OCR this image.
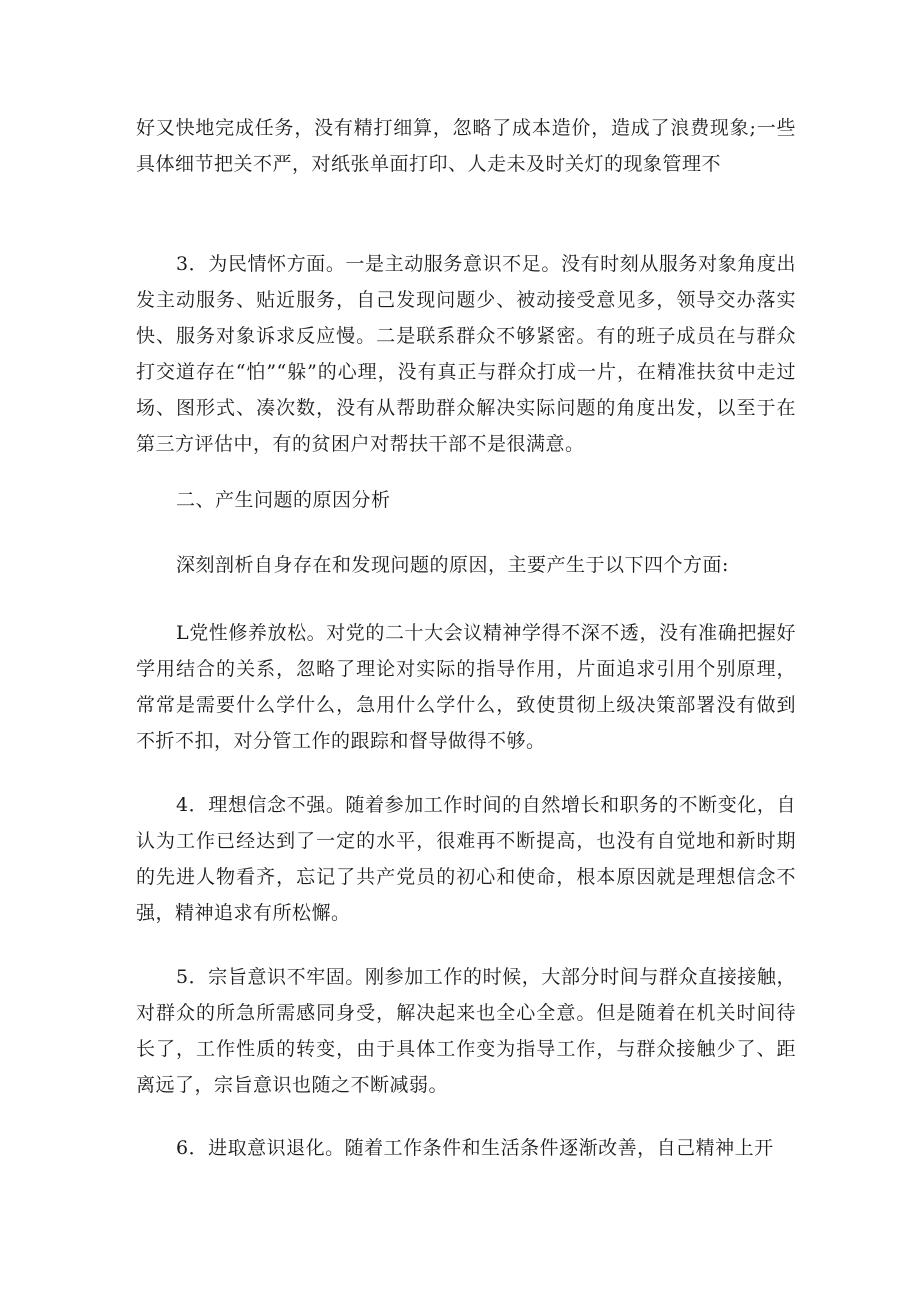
好又快地完成任务，没有精打细算，忽略了成本造价，造成了浪费现象;一些具体细节把关不严，对纸张单面打印、人走未及时关灯的现象管理不

3．为民情怀方面。一是主动服务意识不足。没有时刻从服务对象角度出发主动服务、贴近服务，自己发现问题少、被动接受意见多，领导交办落实快、服务对象诉求反应慢。二是联系群众不够紧密。有的班子成员在与群众打交道存在“怕”“躲”的心理，没有真正与群众打成一片，在精准扶贫中走过场、图形式、凑次数，没有从帮助群众解决实际问题的角度出发，以至于在第三方评估中，有的贫困户对帮扶干部不是很满意。

二、产生问题的原因分析

深刻剖析自身存在和发现问题的原因，主要产生于以下四个方面:

L党性修养放松。对党的二十大会议精神学得不深不透，没有准确把握好学用结合的关系，忽略了理论对实际的指导作用，片面追求引用个别原理，常常是需要什么学什么，急用什么学什么，致使贯彻上级决策部署没有做到不折不扣，对分管工作的跟踪和督导做得不够。

4．理想信念不强。随着参加工作时间的自然增长和职务的不断变化，自认为工作已经达到了一定的水平，很难再不断提高，也没有自觉地和新时期的先进人物看齐，忘记了共产党员的初心和使命，根本原因就是理想信念不强，精神追求有所松懈。

5．宗旨意识不牢固。刚参加工作的时候，大部分时间与群众直接接触，对群众的所急所需感同身受，解决起来也全心全意。但是随着在机关时间待长了，工作性质的转变，由于具体工作变为指导工作，与群众接触少了、距离远了，宗旨意识也随之不断减弱。

6．进取意识退化。随着工作条件和生活条件逐渐改善，自己精神上开
